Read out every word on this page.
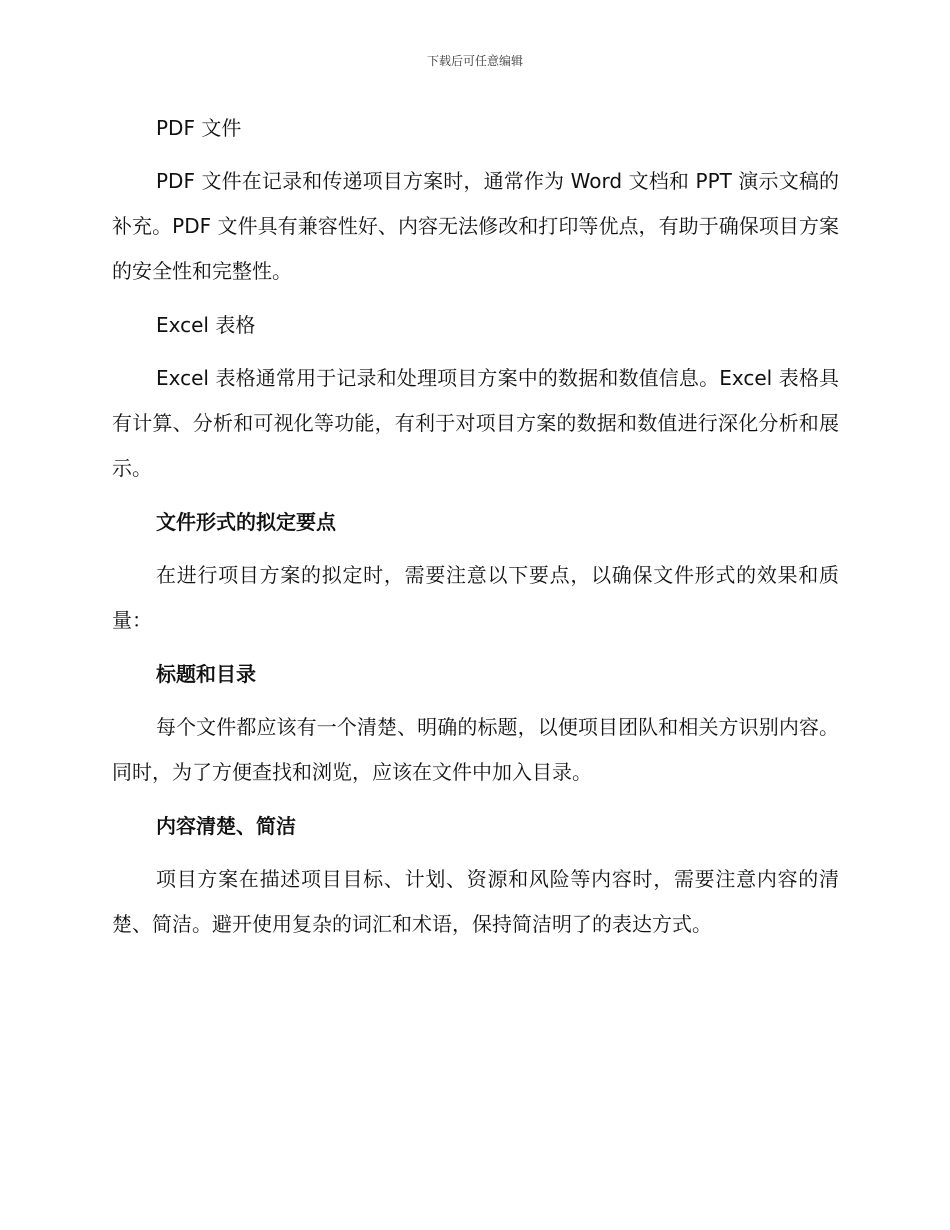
下载后可任意编辑
PDF 文件

PDF 文件在记录和传递项目方案时，通常作为 Word 文档和 PPT 演示文稿的补充。PDF 文件具有兼容性好、内容无法修改和打印等优点，有助于确保项目方案的安全性和完整性。

Excel 表格

Excel 表格通常用于记录和处理项目方案中的数据和数值信息。Excel 表格具有计算、分析和可视化等功能，有利于对项目方案的数据和数值进行深化分析和展示。

文件形式的拟定要点

在进行项目方案的拟定时，需要注意以下要点，以确保文件形式的效果和质量：

标题和目录

每个文件都应该有一个清楚、明确的标题，以便项目团队和相关方识别内容。同时，为了方便查找和浏览，应该在文件中加入目录。

内容清楚、简洁

项目方案在描述项目目标、计划、资源和风险等内容时，需要注意内容的清楚、简洁。避开使用复杂的词汇和术语，保持简洁明了的表达方式。
